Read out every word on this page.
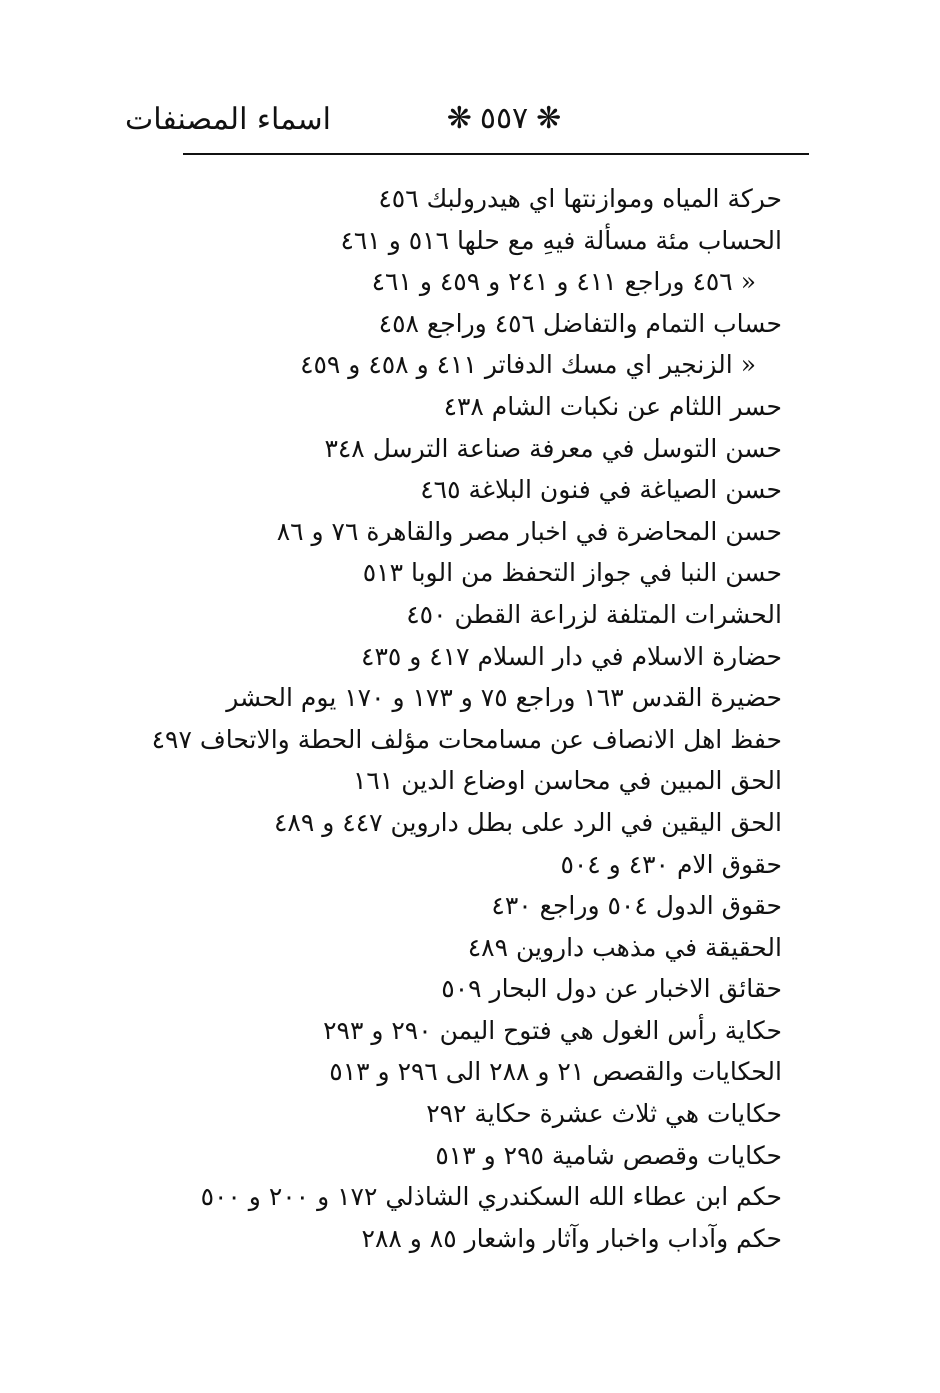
❋ ٥٥٧ ❋
اسماء المصنفات
حركة المياه وموازنتها اي هيدرولبك ٤٥٦
الحساب مئة مسألة فيهِ مع حلها ٥١٦ و ٤٦١
« ٤٥٦ وراجع ٤١١ و ٢٤١ و ٤٥٩ و ٤٦١
حساب التمام والتفاضل ٤٥٦ وراجع ٤٥٨
« الزنجير اي مسك الدفاتر ٤١١ و ٤٥٨ و ٤٥٩
حسر اللثام عن نكبات الشام ٤٣٨
حسن التوسل في معرفة صناعة الترسل ٣٤٨
حسن الصياغة في فنون البلاغة ٤٦٥
حسن المحاضرة في اخبار مصر والقاهرة ٧٦ و ٨٦
حسن النبا في جواز التحفظ من الوبا ٥١٣
الحشرات المتلفة لزراعة القطن ٤٥٠
حضارة الاسلام في دار السلام ٤١٧ و ٤٣٥
حضيرة القدس ١٦٣ وراجع ٧٥ و ١٧٣ و ١٧٠ يوم الحشر
حفظ اهل الانصاف عن مسامحات مؤلف الحطة والاتحاف ٤٩٧
الحق المبين في محاسن اوضاع الدين ١٦١
الحق اليقين في الرد على بطل داروين ٤٤٧ و ٤٨٩
حقوق الام ٤٣٠ و ٥٠٤
حقوق الدول ٥٠٤ وراجع ٤٣٠
الحقيقة في مذهب داروين ٤٨٩
حقائق الاخبار عن دول البحار ٥٠٩
حكاية رأس الغول هي فتوح اليمن ٢٩٠ و ٢٩٣
الحكايات والقصص ٢١ و ٢٨٨ الى ٢٩٦ و ٥١٣
حكايات هي ثلاث عشرة حكاية ٢٩٢
حكايات وقصص شامية ٢٩٥ و ٥١٣
حكم ابن عطاء الله السكندري الشاذلي ١٧٢ و ٢٠٠ و ٥٠٠
حكم وآداب واخبار وآثار واشعار ٨٥ و ٢٨٨
